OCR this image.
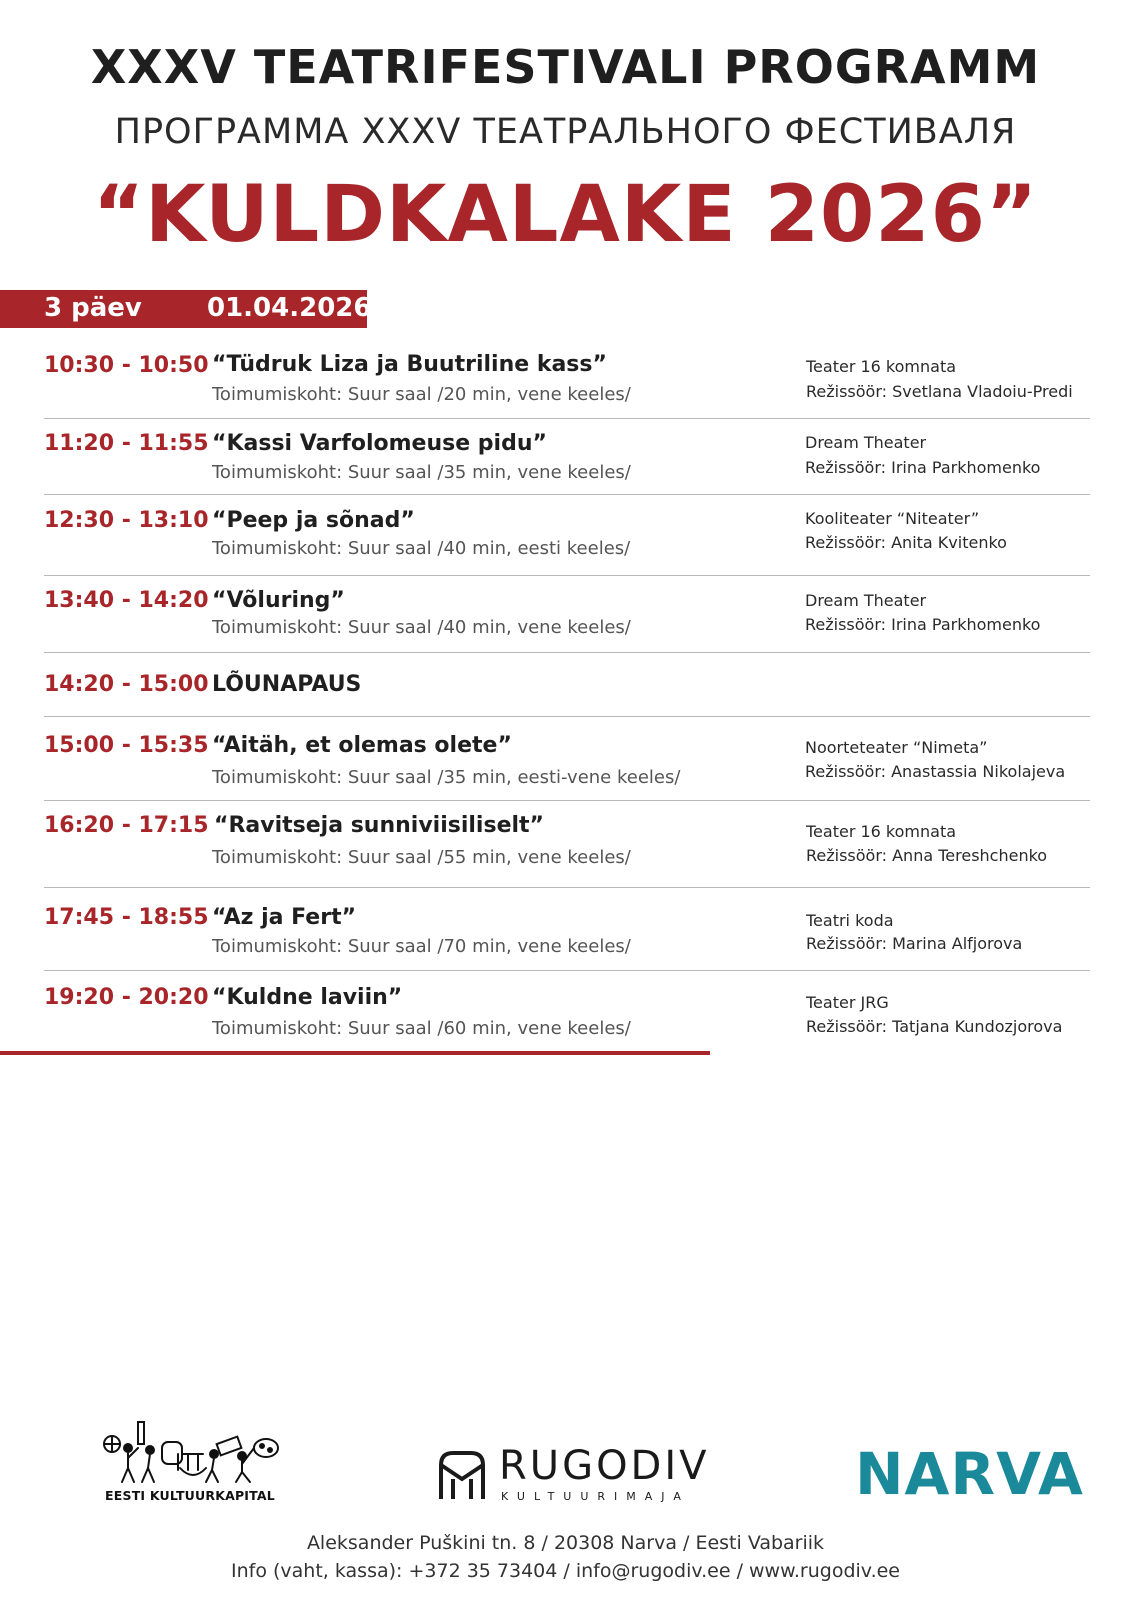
XXXV TEATRIFESTIVALI PROGRAMM
ПРОГРАММА XXXV ТЕАТРАЛЬНОГО ФЕСТИВАЛЯ
“KULDKALAKE 2026”
3 päev	01.04.2026
10:30 - 10:50 “Tüdruk Liza ja Buutriline kass”
Toimumiskoht: Suur saal /20 min, vene keeles/
Teater 16 komnata
Režissöör: Svetlana Vladoiu-Predi
11:20 - 11:55 “Kassi Varfolomeuse pidu”
Toimumiskoht: Suur saal /35 min, vene keeles/
Dream Theater
Režissöör: Irina Parkhomenko
12:30 - 13:10 “Peep ja sõnad”
Toimumiskoht: Suur saal /40 min, eesti keeles/
Kooliteater “Niteater”
Režissöör: Anita Kvitenko
13:40 - 14:20 “Võluring”
Toimumiskoht: Suur saal /40 min, vene keeles/
Dream Theater
Režissöör: Irina Parkhomenko
14:20 - 15:00 LÕUNAPAUS
15:00 - 15:35 “Aitäh, et olemas olete”
Toimumiskoht: Suur saal /35 min, eesti-vene keeles/
Noorteteater “Nimeta”
Režissöör: Anastassia Nikolajeva
16:20 - 17:15 “Ravitseja sunniviisiliselt”
Toimumiskoht: Suur saal /55 min, vene keeles/
Teater 16 komnata
Režissöör: Anna Tereshchenko
17:45 - 18:55 “Az ja Fert”
Toimumiskoht: Suur saal /70 min, vene keeles/
Teatri koda
Režissöör: Marina Alfjorova
19:20 - 20:20 “Kuldne laviin”
Toimumiskoht: Suur saal /60 min, vene keeles/
Teater JRG
Režissöör: Tatjana Kundozjorova
EESTI KULTUURKAPITAL
RUGODIV
KULTUURIMAJA	NARVA
Aleksander Puškini tn. 8 / 20308 Narva / Eesti Vabariik
Info (vaht, kassa): +372 35 73404 / info@rugodiv.ee / www.rugodiv.ee
